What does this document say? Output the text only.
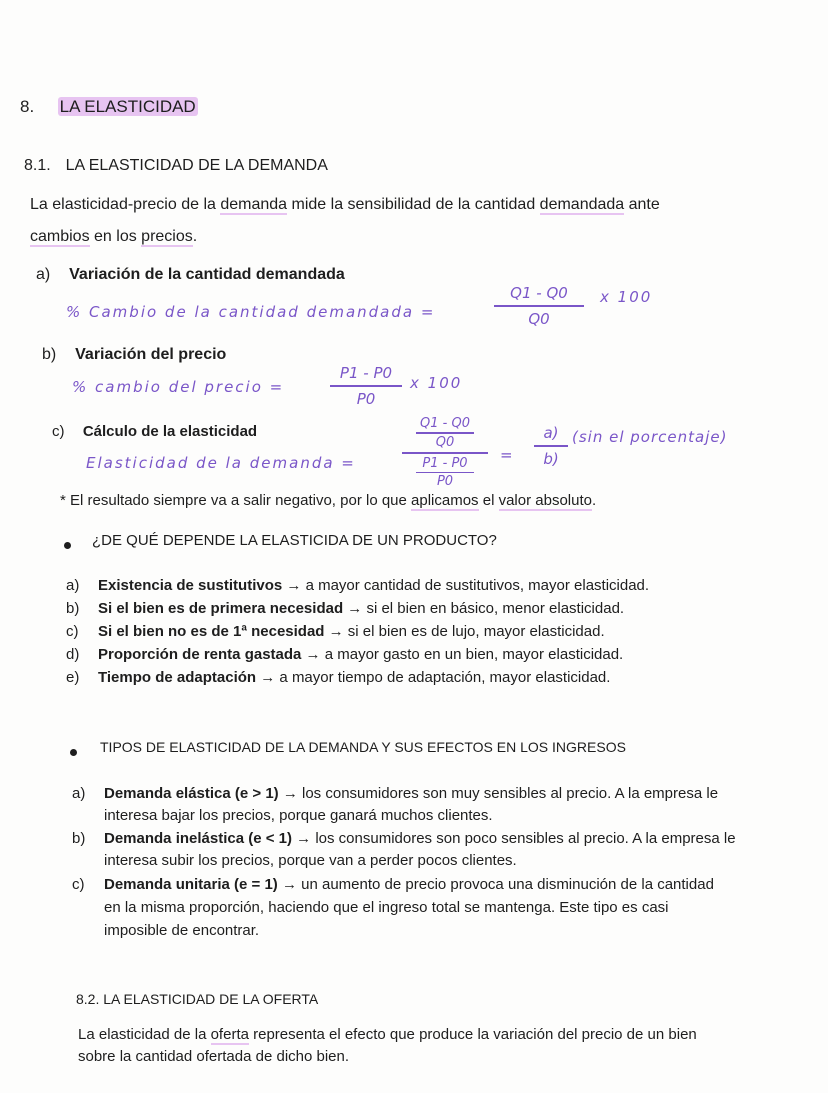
8. LA ELASTICIDAD
8.1. LA ELASTICIDAD DE LA DEMANDA
La elasticidad-precio de la demanda mide la sensibilidad de la cantidad demandada ante
cambios en los precios.
a) Variación de la cantidad demandada
% Cambio de la cantidad demandada =
Q1 - Q0
Q0
x 100
b) Variación del precio
% cambio del precio =
P1 - P0
P0
x 100
c) Cálculo de la elasticidad
Elasticidad de la demanda =
Q1 - Q0
Q0
P1 - P0
P0
=
a)
b)
(sin el porcentaje)
* El resultado siempre va a salir negativo, por lo que aplicamos el valor absoluto.
¿DE QUÉ DEPENDE LA ELASTICIDA DE UN PRODUCTO?
a) Existencia de sustitutivos → a mayor cantidad de sustitutivos, mayor elasticidad.
b) Si el bien es de primera necesidad → si el bien en básico, menor elasticidad.
c) Si el bien no es de 1ª necesidad → si el bien es de lujo, mayor elasticidad.
d) Proporción de renta gastada → a mayor gasto en un bien, mayor elasticidad.
e) Tiempo de adaptación → a mayor tiempo de adaptación, mayor elasticidad.
TIPOS DE ELASTICIDAD DE LA DEMANDA Y SUS EFECTOS EN LOS INGRESOS
a) Demanda elástica (e > 1) → los consumidores son muy sensibles al precio. A la empresa le
interesa bajar los precios, porque ganará muchos clientes.
b) Demanda inelástica (e < 1) → los consumidores son poco sensibles al precio. A la empresa le
interesa subir los precios, porque van a perder pocos clientes.
c) Demanda unitaria (e = 1) → un aumento de precio provoca una disminución de la cantidad
en la misma proporción, haciendo que el ingreso total se mantenga. Este tipo es casi
imposible de encontrar.
8.2. LA ELASTICIDAD DE LA OFERTA
La elasticidad de la oferta representa el efecto que produce la variación del precio de un bien
sobre la cantidad ofertada de dicho bien.
